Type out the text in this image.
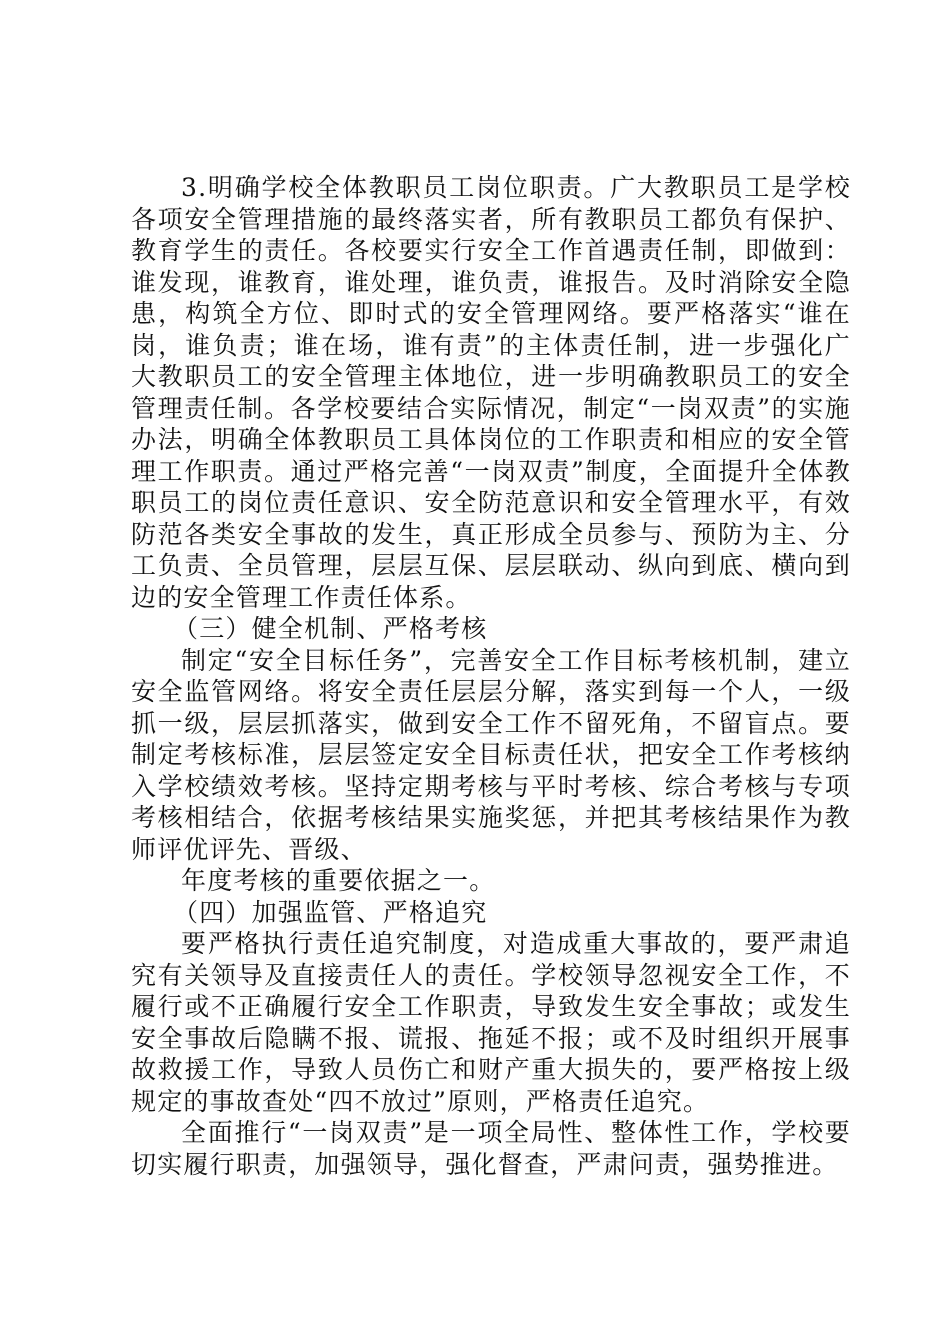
3.明确学校全体教职员工岗位职责。广大教职员工是学校各项安全管理措施的最终落实者，所有教职员工都负有保护、教育学生的责任。各校要实行安全工作首遇责任制，即做到：谁发现，谁教育，谁处理，谁负责，谁报告。及时消除安全隐患，构筑全方位、即时式的安全管理网络。要严格落实“谁在岗，谁负责；谁在场，谁有责”的主体责任制，进一步强化广大教职员工的安全管理主体地位，进一步明确教职员工的安全管理责任制。各学校要结合实际情况，制定“一岗双责”的实施办法，明确全体教职员工具体岗位的工作职责和相应的安全管理工作职责。通过严格完善“一岗双责”制度，全面提升全体教职员工的岗位责任意识、安全防范意识和安全管理水平，有效防范各类安全事故的发生，真正形成全员参与、预防为主、分工负责、全员管理，层层互保、层层联动、纵向到底、横向到边的安全管理工作责任体系。

（三）健全机制、严格考核

制定“安全目标任务”，完善安全工作目标考核机制，建立安全监管网络。将安全责任层层分解，落实到每一个人，一级抓一级，层层抓落实，做到安全工作不留死角，不留盲点。要制定考核标准，层层签定安全目标责任状，把安全工作考核纳入学校绩效考核。坚持定期考核与平时考核、综合考核与专项考核相结合，依据考核结果实施奖惩，并把其考核结果作为教师评优评先、晋级、

年度考核的重要依据之一。

（四）加强监管、严格追究

要严格执行责任追究制度，对造成重大事故的，要严肃追究有关领导及直接责任人的责任。学校领导忽视安全工作，不履行或不正确履行安全工作职责，导致发生安全事故；或发生安全事故后隐瞒不报、谎报、拖延不报；或不及时组织开展事故救援工作，导致人员伤亡和财产重大损失的，要严格按上级规定的事故查处“四不放过”原则，严格责任追究。

全面推行“一岗双责”是一项全局性、整体性工作，学校要切实履行职责，加强领导，强化督查，严肃问责，强势推进。
